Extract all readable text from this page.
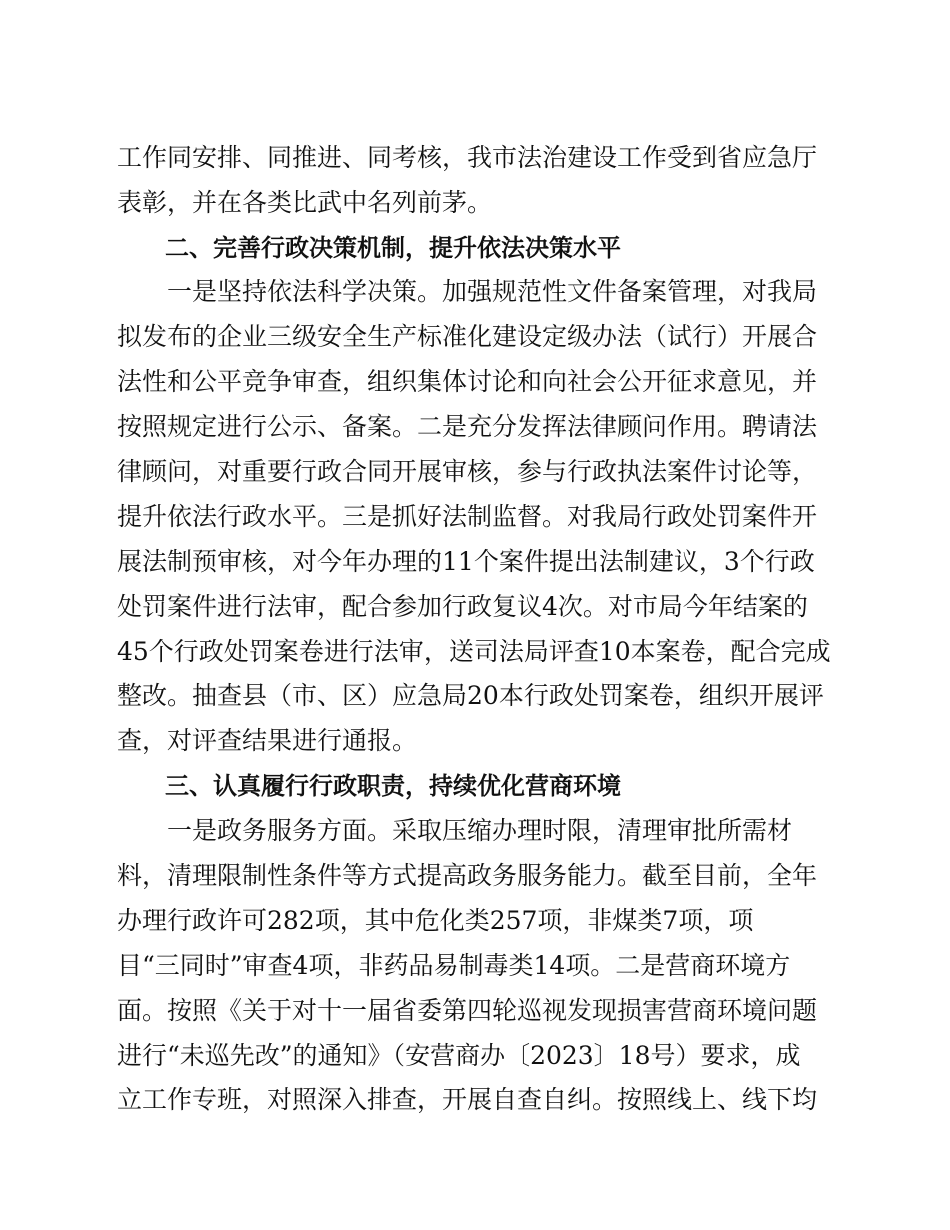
工作同安排、同推进、同考核，我市法治建设工作受到省应急厅
表彰，并在各类比武中名列前茅。
二、完善行政决策机制，提升依法决策水平
一是坚持依法科学决策。加强规范性文件备案管理，对我局
拟发布的企业三级安全生产标准化建设定级办法（试行）开展合
法性和公平竞争审查，组织集体讨论和向社会公开征求意见，并
按照规定进行公示、备案。二是充分发挥法律顾问作用。聘请法
律顾问，对重要行政合同开展审核，参与行政执法案件讨论等，
提升依法行政水平。三是抓好法制监督。对我局行政处罚案件开
展法制预审核，对今年办理的11个案件提出法制建议，3个行政
处罚案件进行法审，配合参加行政复议4次。对市局今年结案的
45个行政处罚案卷进行法审，送司法局评查10本案卷，配合完成
整改。抽查县（市、区）应急局20本行政处罚案卷，组织开展评
查，对评查结果进行通报。
三、认真履行行政职责，持续优化营商环境
一是政务服务方面。采取压缩办理时限，清理审批所需材
料，清理限制性条件等方式提高政务服务能力。截至目前，全年
办理行政许可282项，其中危化类257项，非煤类7项，项
目“三同时”审查4项，非药品易制毒类14项。二是营商环境方
面。按照《关于对十一届省委第四轮巡视发现损害营商环境问题
进行“未巡先改”的通知》（安营商办〔2023〕18号）要求，成
立工作专班，对照深入排查，开展自查自纠。按照线上、线下均
